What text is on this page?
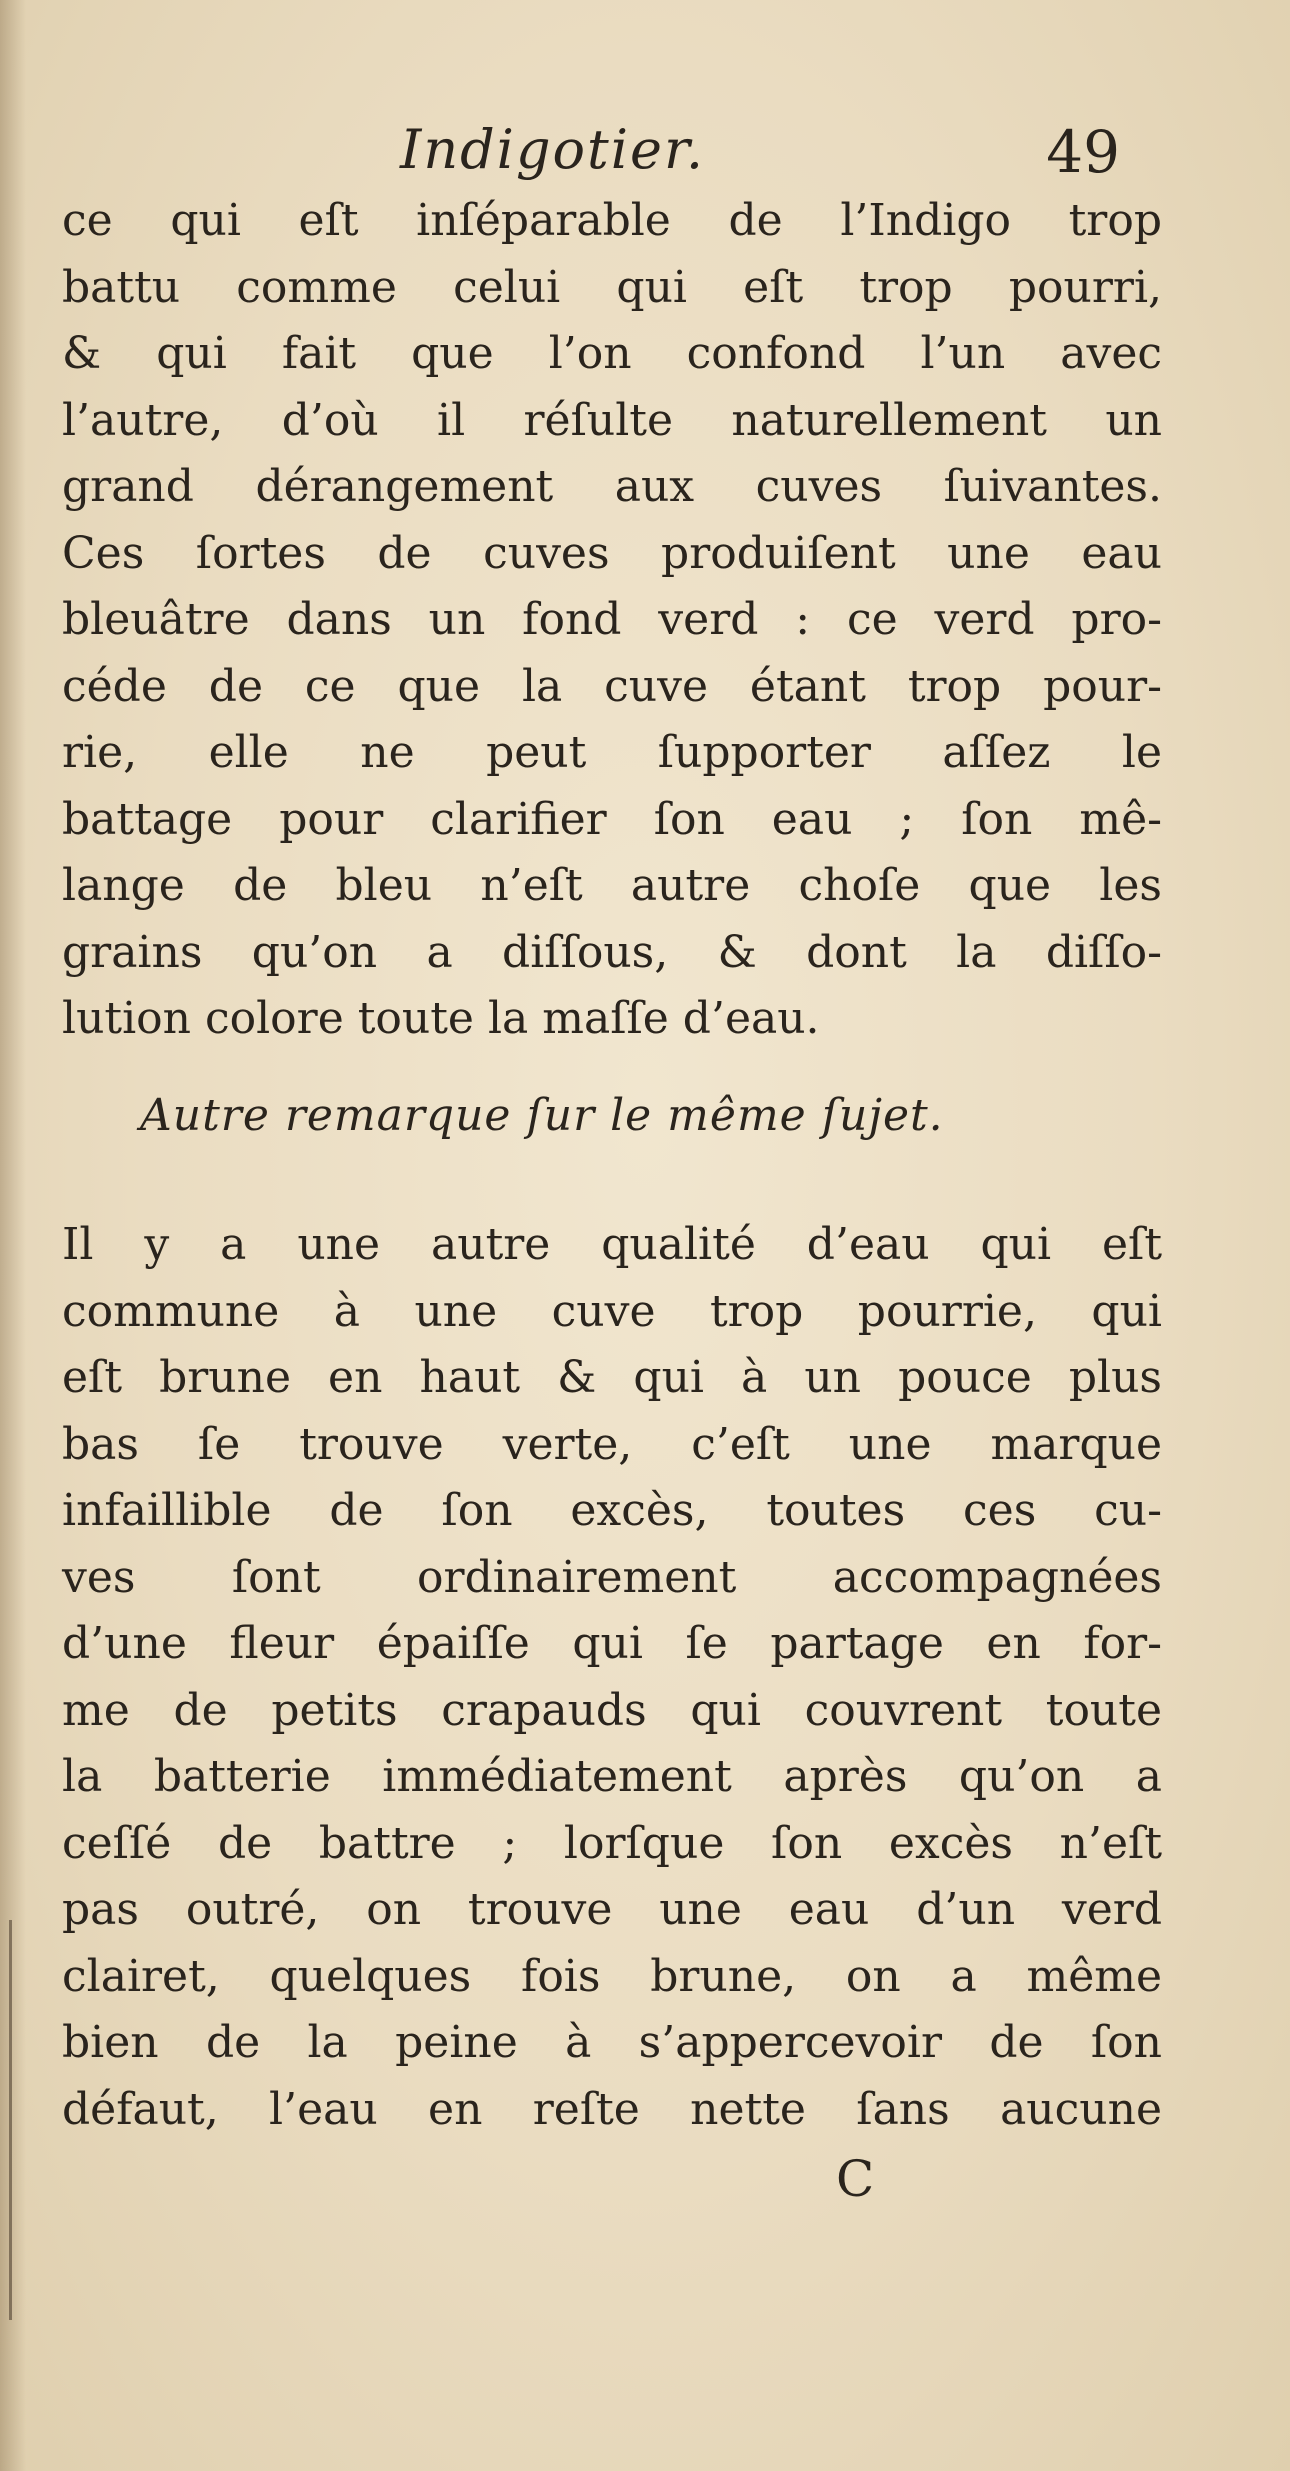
Indigotier.	49
ce qui eſt inſéparable de l’Indigo trop
battu comme celui qui eſt trop pourri,
& qui fait que l’on confond l’un avec
l’autre, d’où il réſulte naturellement un
grand dérangement aux cuves ſuivantes.
Ces ſortes de cuves produiſent une eau
bleuâtre dans un fond verd : ce verd pro-
céde de ce que la cuve étant trop pour-
rie, elle ne peut ſupporter aſſez le
battage pour clarifier ſon eau ; ſon mê-
lange de bleu n’eſt autre choſe que les
grains qu’on a diſſous, & dont la diſſo-
lution colore toute la maſſe d’eau.
Autre remarque ſur le même ſujet.
Il y a une autre qualité d’eau qui eſt
commune à une cuve trop pourrie, qui
eſt brune en haut & qui à un pouce plus
bas ſe trouve verte, c’eſt une marque
infaillible de ſon excès, toutes ces cu-
ves ſont ordinairement accompagnées
d’une fleur épaiſſe qui ſe partage en for-
me de petits crapauds qui couvrent toute
la batterie immédiatement après qu’on a
ceſſé de battre ; lorſque ſon excès n’eſt
pas outré, on trouve une eau d’un verd
clairet, quelques fois brune, on a même
bien de la peine à s’appercevoir de ſon
défaut, l’eau en reſte nette ſans aucune
C
